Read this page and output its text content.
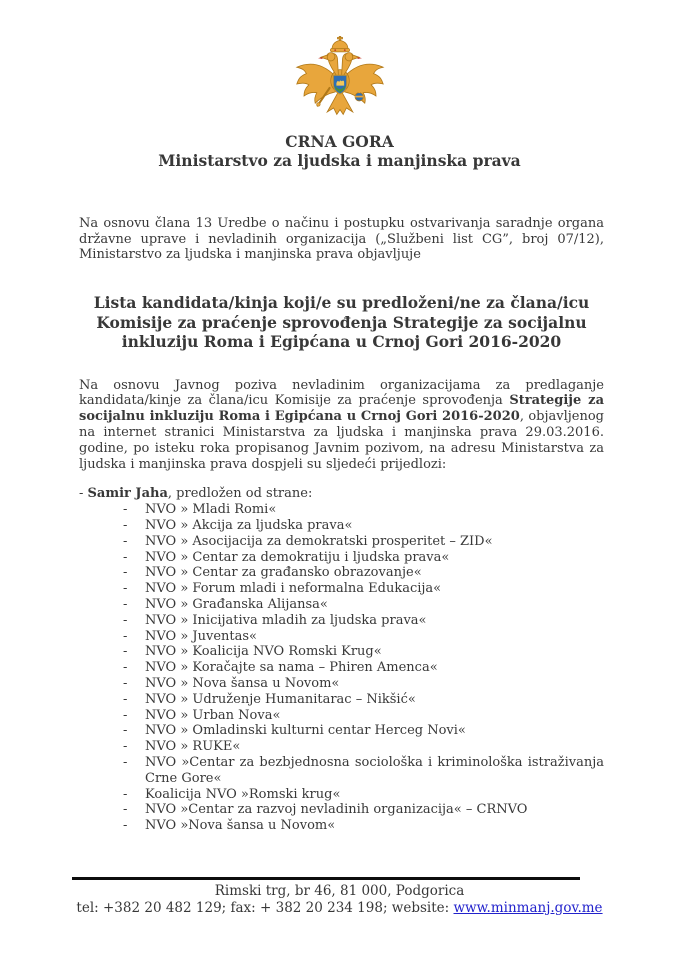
CRNA GORA
Ministarstvo za ljudska i manjinska prava

Na osnovu člana 13 Uredbe o načinu i postupku ostvarivanja saradnje organa državne uprave i nevladinih organizacija („Službeni list CG”, broj 07/12), Ministarstvo za ljudska i manjinska prava objavljuje

Lista kandidata/kinja koji/e su predloženi/ne za člana/icu
Komisije za praćenje sprovođenja Strategije za socijalnu
inkluziju Roma i Egipćana u Crnoj Gori 2016-2020

Na osnovu Javnog poziva nevladinim organizacijama za predlaganje kandidata/kinje za člana/icu Komisije za praćenje sprovođenja Strategije za socijalnu inkluziju Roma i Egipćana u Crnoj Gori 2016-2020, objavljenog na internet stranici Ministarstva za ljudska i manjinska prava 29.03.2016. godine, po isteku roka propisanog Javnim pozivom, na adresu Ministarstva za ljudska i manjinska prava dospjeli su sljedeći prijedlozi:

- Samir Jaha, predložen od strane:
- NVO » Mladi Romi«
- NVO » Akcija za ljudska prava«
- NVO » Asocijacija za demokratski prosperitet – ZID«
- NVO » Centar za demokratiju i ljudska prava«
- NVO » Centar za građansko obrazovanje«
- NVO » Forum mladi i neformalna Edukacija«
- NVO » Građanska Alijansa«
- NVO » Inicijativa mladih za ljudska prava«
- NVO » Juventas«
- NVO » Koalicija NVO Romski Krug«
- NVO » Koračajte sa nama – Phiren Amenca«
- NVO » Nova šansa u Novom«
- NVO » Udruženje Humanitarac – Nikšić«
- NVO » Urban Nova«
- NVO » Omladinski kulturni centar Herceg Novi«
- NVO » RUKE«
- NVO »Centar za bezbjednosna sociološka i kriminološka istraživanja Crne Gore«
- Koalicija NVO »Romski krug«
- NVO »Centar za razvoj nevladinih organizacija« – CRNVO
- NVO »Nova šansa u Novom«
Rimski trg, br 46, 81 000, Podgorica
tel: +382 20 482 129; fax: + 382 20 234 198; website: www.minmanj.gov.me
